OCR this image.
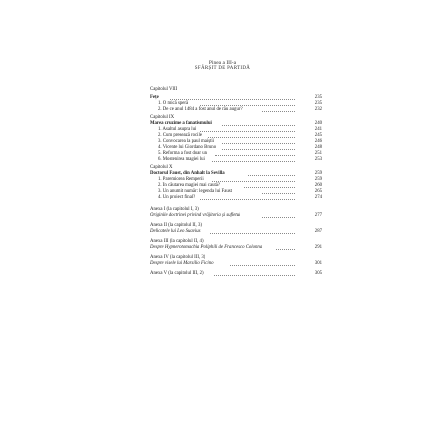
Pinea a III-a
SFÂRȘIT DE PARTIDĂ
Capitolul VIII
Fețe	235
1. O mică speră	235
2. De ce anul 1484 a fost anul de rău augur?	232
Capitolul IX
Marea cruzime a fanatismului	240
1. Asaltul asupra lui	241
2. Cum presează rocile	245
3. Convocarea la paul maiștii	246
4. Vicente lui Giordano Bruno	248
5. Reforma a fost doar un	251
6. Mostenirea magiei lui	253
Capitolul X
Doctorul Faust, din Anhalt la Sevilla	259
1. Paremiorea Remperii	259
2. În căutarea magiei mai caută?	260
3. Un anumit număr: legenda lui Faust	265
4. Un proiect final?	274
Anexa I (la capitolul I, 3)
Originile doctrinei privind vrăjitoria și sufletul	277
Anexa II (la capitolul II, 3)
Delicatele lui Leo Suavius	287
Anexa III (la capitolul II, 4)
Despre Hypnerotomachia Poliphili de Francesco Colonna	291
Anexa IV (la capitolul III, 3)
Despre visele lui Marsilio Ficino	301
Anexa V (la capitolul III, 2)	305
